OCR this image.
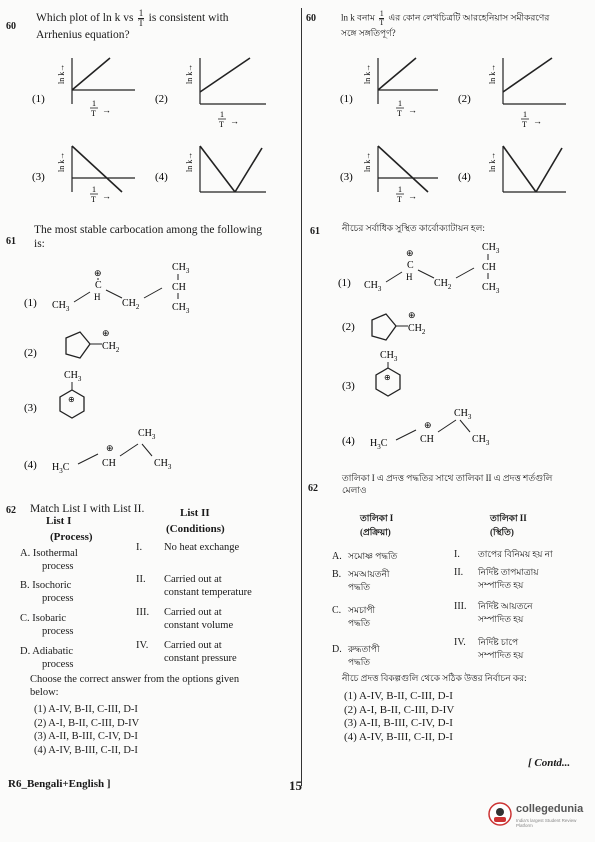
60
Which plot of ln k vs $\frac{1}{T}$ is consistent with
Arrhenius equation?
(1)
ln k→
1
T →
(2)
ln k→
1
T →
(3)
ln k→
1
T →
(4)
ln k→
60	ln k বনাম $\frac{1}{T}$ এর কোন লেখচিত্রটি আরহেনিয়াস সমীকরণের
সঙ্গে সঙ্গতিপূর্ণ?
(1)
ln k→
1
T →
(2)
ln k→
1
T →
(3)
ln k→
1
T →
(4)
ln k→
61
The most stable carbocation among the following
is:
(1) $CH_3$
⊕
C
H
$CH_2$
$CH_3$
CH
$CH_3$
(2)
⊕
$CH_2$
(3)
$CH_3$
⊕
(4) $H_3C$
⊕
CH
$CH_3$
$CH_3$
61 নীচের সর্বাধিক সুস্থিত কার্বোক্যাটায়ন হল:
(1) $CH_3$
⊕
C
H
$CH_2$
$CH_3$
CH
$CH_3$
(2)
⊕
$CH_2$
(3)
$CH_3$
⊕
(4) $H_3C$
⊕
CH
$CH_3$
$CH_3$
62 Match List I with List II.
List I
(Process)
List II
(Conditions)
A. Isothermal
process
B. Isochoric
process
C. Isobaric
process
D. Adiabatic
process
I. No heat exchange
II. Carried out at
constant temperature
III. Carried out at
constant volume
IV. Carried out at
constant pressure
Choose the correct answer from the options given
below:
(1) A-IV, B-II, C-III, D-I
(2) A-I, B-II, C-III, D-IV
(3) A-II, B-III, C-IV, D-I
(4) A-IV, B-III, C-II, D-I
62
তালিকা I এ প্রদত্ত পদ্ধতির সাথে তালিকা II এ প্রদত্ত শর্তগুলি
মেলাও
তালিকা I
(প্রক্রিয়া)
তালিকা II
(স্থিতি)
A. সমোষ্ণ পদ্ধতি
B. সমআয়তনী
পদ্ধতি
C. সমচাপী
পদ্ধতি
D. রুদ্ধতাপী
পদ্ধতি
I. তাপের বিনিময় হয় না
II. নির্দিষ্ট তাপমাত্রায়
সম্পাদিত হয়
III. নির্দিষ্ট আয়তনে
সম্পাদিত হয়
IV. নির্দিষ্ট চাপে
সম্পাদিত হয়
নীচে প্রদত্ত বিকল্পগুলি থেকে সঠিক উত্তর নির্বাচন কর:
(1) A-IV, B-II, C-III, D-I
(2) A-I, B-II, C-III, D-IV
(3) A-II, B-III, C-IV, D-I
(4) A-IV, B-III, C-II, D-I
R6_Bengali+English ]	15
[ Contd...
collegedunia
India's largest Student Review Platform
